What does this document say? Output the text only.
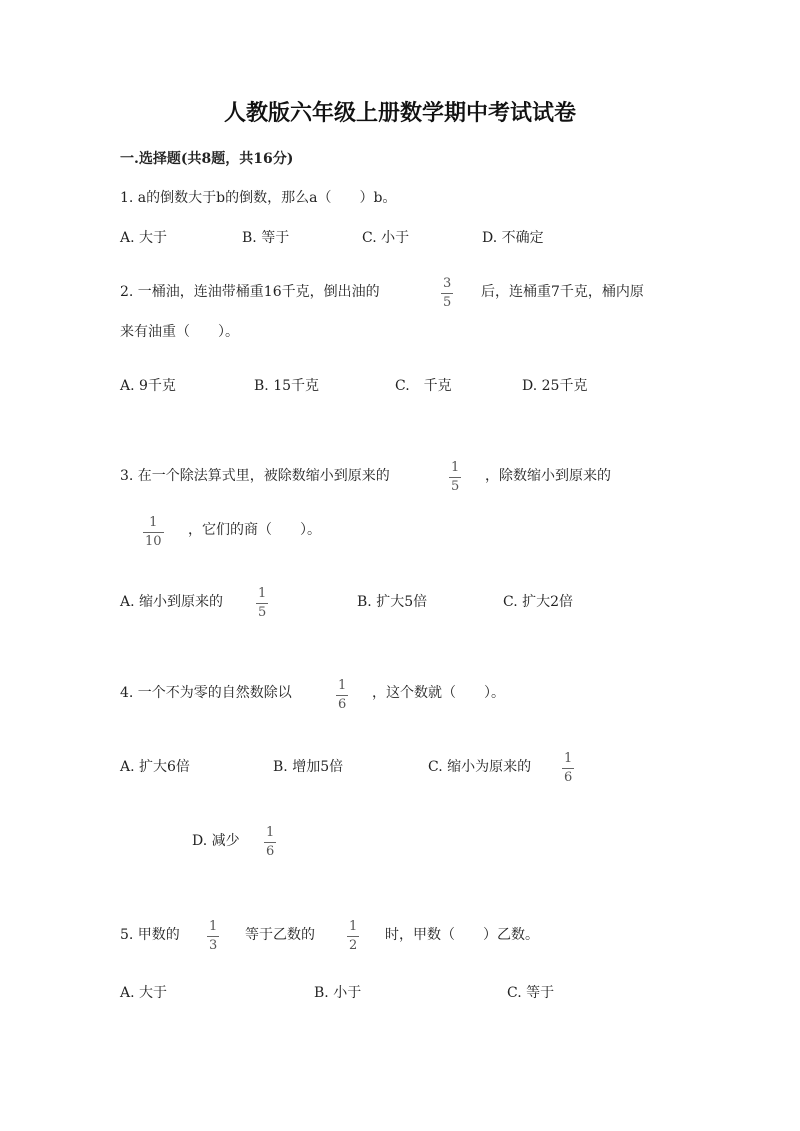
人教版六年级上册数学期中考试试卷
一.选择题(共8题，共16分)
1. a的倒数大于b的倒数，那么a（　　）b。
A. 大于	B. 等于	C. 小于	D. 不确定
2. 一桶油，连油带桶重16千克，倒出油的
3
5
后，连桶重7千克，桶内原
来有油重（　　）。
A. 9千克	B. 15千克	C.　千克	D. 25千克
3. 在一个除法算式里，被除数缩小到原来的
1
5
，除数缩小到原来的
1
10
，它们的商（　　）。
A. 缩小到原来的
1
5
B. 扩大5倍	C. 扩大2倍
4. 一个不为零的自然数除以	1
6
，这个数就（　　）。
A. 扩大6倍	B. 增加5倍	C. 缩小为原来的
1
6
D. 减少
1
6
5. 甲数的
1
3
等于乙数的
1
2
时，甲数（　　）乙数。
A. 大于	B. 小于	C. 等于
